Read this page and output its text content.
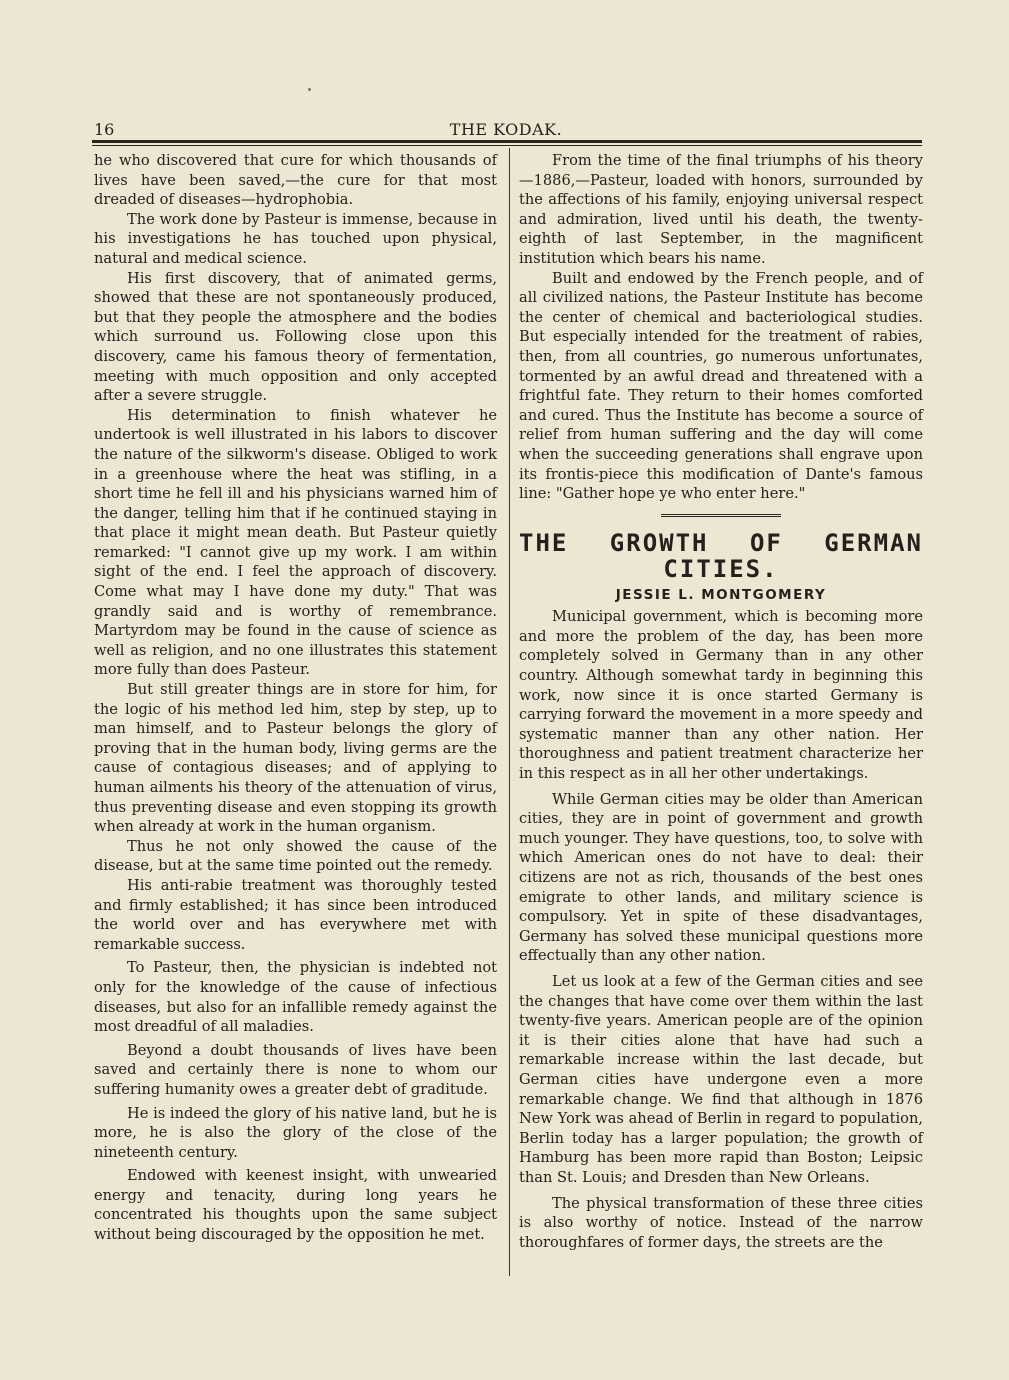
16	THE KODAK.

he who discovered that cure for which thousands of lives have been saved,—the cure for that most dreaded of diseases—hydrophobia.

The work done by Pasteur is immense, because in his investigations he has touched upon physical, natural and medical science.

His first discovery, that of animated germs, showed that these are not spontaneously produced, but that they people the atmosphere and the bodies which surround us. Following close upon this discovery, came his famous theory of fermentation, meeting with much opposition and only accepted after a severe struggle.

His determination to finish whatever he undertook is well illustrated in his labors to discover the nature of the silkworm's disease. Obliged to work in a greenhouse where the heat was stifling, in a short time he fell ill and his physicians warned him of the danger, telling him that if he continued staying in that place it might mean death. But Pasteur quietly remarked: "I cannot give up my work. I am within sight of the end. I feel the approach of discovery. Come what may I have done my duty." That was grandly said and is worthy of remembrance. Martyrdom may be found in the cause of science as well as religion, and no one illustrates this statement more fully than does Pasteur.

But still greater things are in store for him, for the logic of his method led him, step by step, up to man himself, and to Pasteur belongs the glory of proving that in the human body, living germs are the cause of contagious diseases; and of applying to human ailments his theory of the attenuation of virus, thus preventing disease and even stopping its growth when already at work in the human organism.

Thus he not only showed the cause of the disease, but at the same time pointed out the remedy.

His anti-rabie treatment was thoroughly tested and firmly established; it has since been introduced the world over and has everywhere met with remarkable success.

To Pasteur, then, the physician is indebted not only for the knowledge of the cause of infectious diseases, but also for an infallible remedy against the most dreadful of all maladies.

Beyond a doubt thousands of lives have been saved and certainly there is none to whom our suffering humanity owes a greater debt of graditude.

He is indeed the glory of his native land, but he is more, he is also the glory of the close of the nineteenth century.

Endowed with keenest insight, with unwearied energy and tenacity, during long years he concentrated his thoughts upon the same subject without being discouraged by the opposition he met.

From the time of the final triumphs of his theory—1886,—Pasteur, loaded with honors, surrounded by the affections of his family, enjoying universal respect and admiration, lived until his death, the twenty-eighth of last September, in the magnificent institution which bears his name.

Built and endowed by the French people, and of all civilized nations, the Pasteur Institute has become the center of chemical and bacteriological studies. But especially intended for the treatment of rabies, then, from all countries, go numerous unfortunates, tormented by an awful dread and threatened with a frightful fate. They return to their homes comforted and cured. Thus the Institute has become a source of relief from human suffering and the day will come when the succeeding generations shall engrave upon its frontis-piece this modification of Dante's famous line: "Gather hope ye who enter here."

THE GROWTH OF GERMAN
CITIES.
JESSIE L. MONTGOMERY

Municipal government, which is becoming more and more the problem of the day, has been more completely solved in Germany than in any other country. Although somewhat tardy in beginning this work, now since it is once started Germany is carrying forward the movement in a more speedy and systematic manner than any other nation. Her thoroughness and patient treatment characterize her in this respect as in all her other undertakings.

While German cities may be older than American cities, they are in point of government and growth much younger. They have questions, too, to solve with which American ones do not have to deal: their citizens are not as rich, thousands of the best ones emigrate to other lands, and military science is compulsory. Yet in spite of these disadvantages, Germany has solved these municipal questions more effectually than any other nation.

Let us look at a few of the German cities and see the changes that have come over them within the last twenty-five years. American people are of the opinion it is their cities alone that have had such a remarkable increase within the last decade, but German cities have undergone even a more remarkable change. We find that although in 1876 New York was ahead of Berlin in regard to population, Berlin today has a larger population; the growth of Hamburg has been more rapid than Boston; Leipsic than St. Louis; and Dresden than New Orleans.

The physical transformation of these three cities is also worthy of notice. Instead of the narrow thoroughfares of former days, the streets are the
